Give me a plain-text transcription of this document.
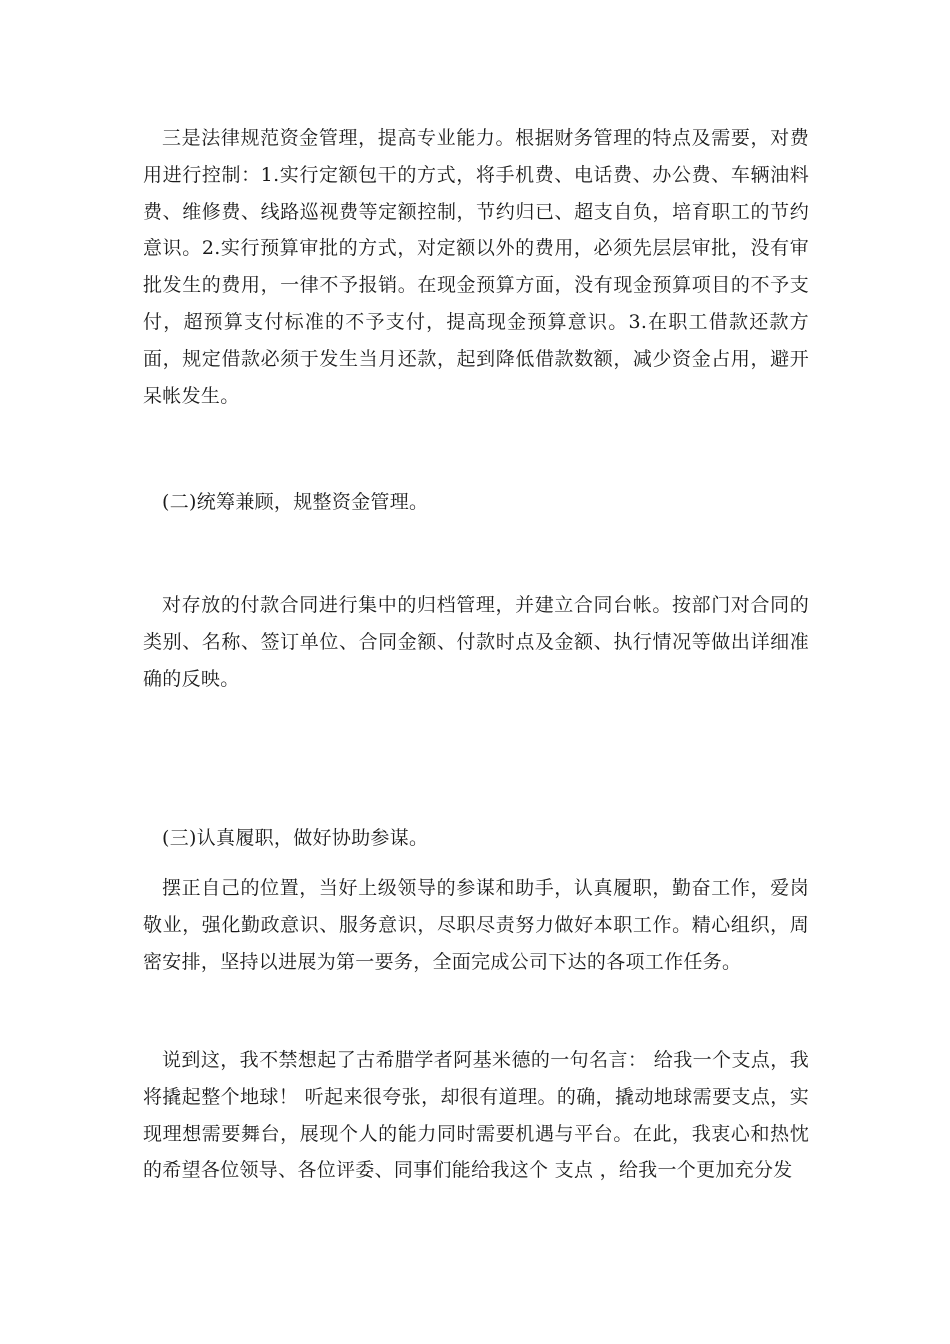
三是法律规范资金管理，提高专业能力。根据财务管理的特点及需要，对费用进行控制：1.实行定额包干的方式，将手机费、电话费、办公费、车辆油料费、维修费、线路巡视费等定额控制，节约归已、超支自负，培育职工的节约意识。2.实行预算审批的方式，对定额以外的费用，必须先层层审批，没有审批发生的费用，一律不予报销。在现金预算方面，没有现金预算项目的不予支付，超预算支付标准的不予支付，提高现金预算意识。3.在职工借款还款方面，规定借款必须于发生当月还款，起到降低借款数额，减少资金占用，避开呆帐发生。

(二)统筹兼顾，规整资金管理。

对存放的付款合同进行集中的归档管理，并建立合同台帐。按部门对合同的类别、名称、签订单位、合同金额、付款时点及金额、执行情况等做出详细准确的反映。

(三)认真履职，做好协助参谋。

摆正自己的位置，当好上级领导的参谋和助手，认真履职，勤奋工作，爱岗敬业，强化勤政意识、服务意识，尽职尽责努力做好本职工作。精心组织，周密安排，坚持以进展为第一要务，全面完成公司下达的各项工作任务。

说到这，我不禁想起了古希腊学者阿基米德的一句名言： 给我一个支点，我将撬起整个地球！ 听起来很夸张，却很有道理。的确，撬动地球需要支点，实现理想需要舞台，展现个人的能力同时需要机遇与平台。在此，我衷心和热忱的希望各位领导、各位评委、同事们能给我这个 支点 ，给我一个更加充分发
